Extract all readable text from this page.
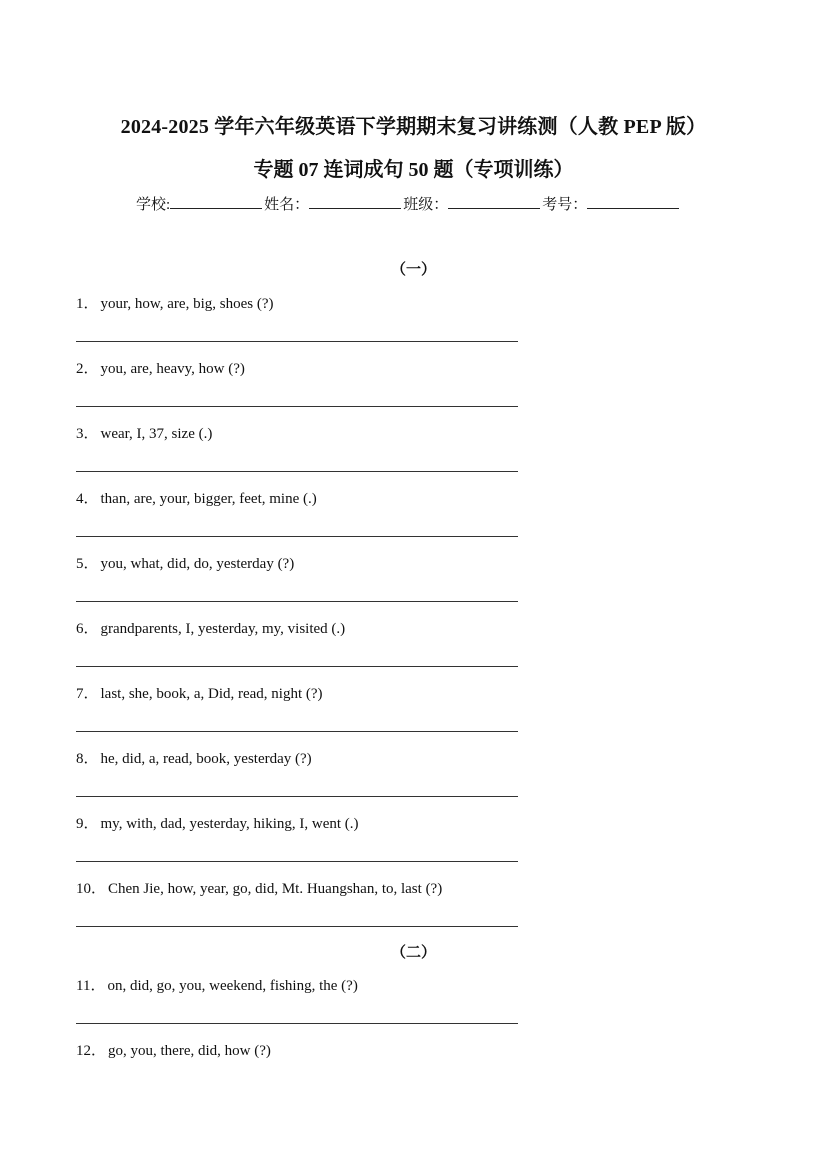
2024-2025 学年六年级英语下学期期末复习讲练测（人教 PEP 版）
专题 07 连词成句 50 题（专项训练）
学校:	姓名：	班级：	考号：
（一）
1． your, how, are, big, shoes (?)
2． you, are, heavy, how (?)
3． wear, I, 37, size (.)
4． than, are, your, bigger, feet, mine (.)
5． you, what, did, do, yesterday (?)
6． grandparents, I, yesterday, my, visited (.)
7． last, she, book, a, Did, read, night (?)
8． he, did, a, read, book, yesterday (?)
9． my, with, dad, yesterday, hiking, I, went (.)
10． Chen Jie, how, year, go, did, Mt. Huangshan, to, last (?)
（二）
11． on, did, go, you, weekend, fishing, the (?)
12． go, you, there, did, how (?)
